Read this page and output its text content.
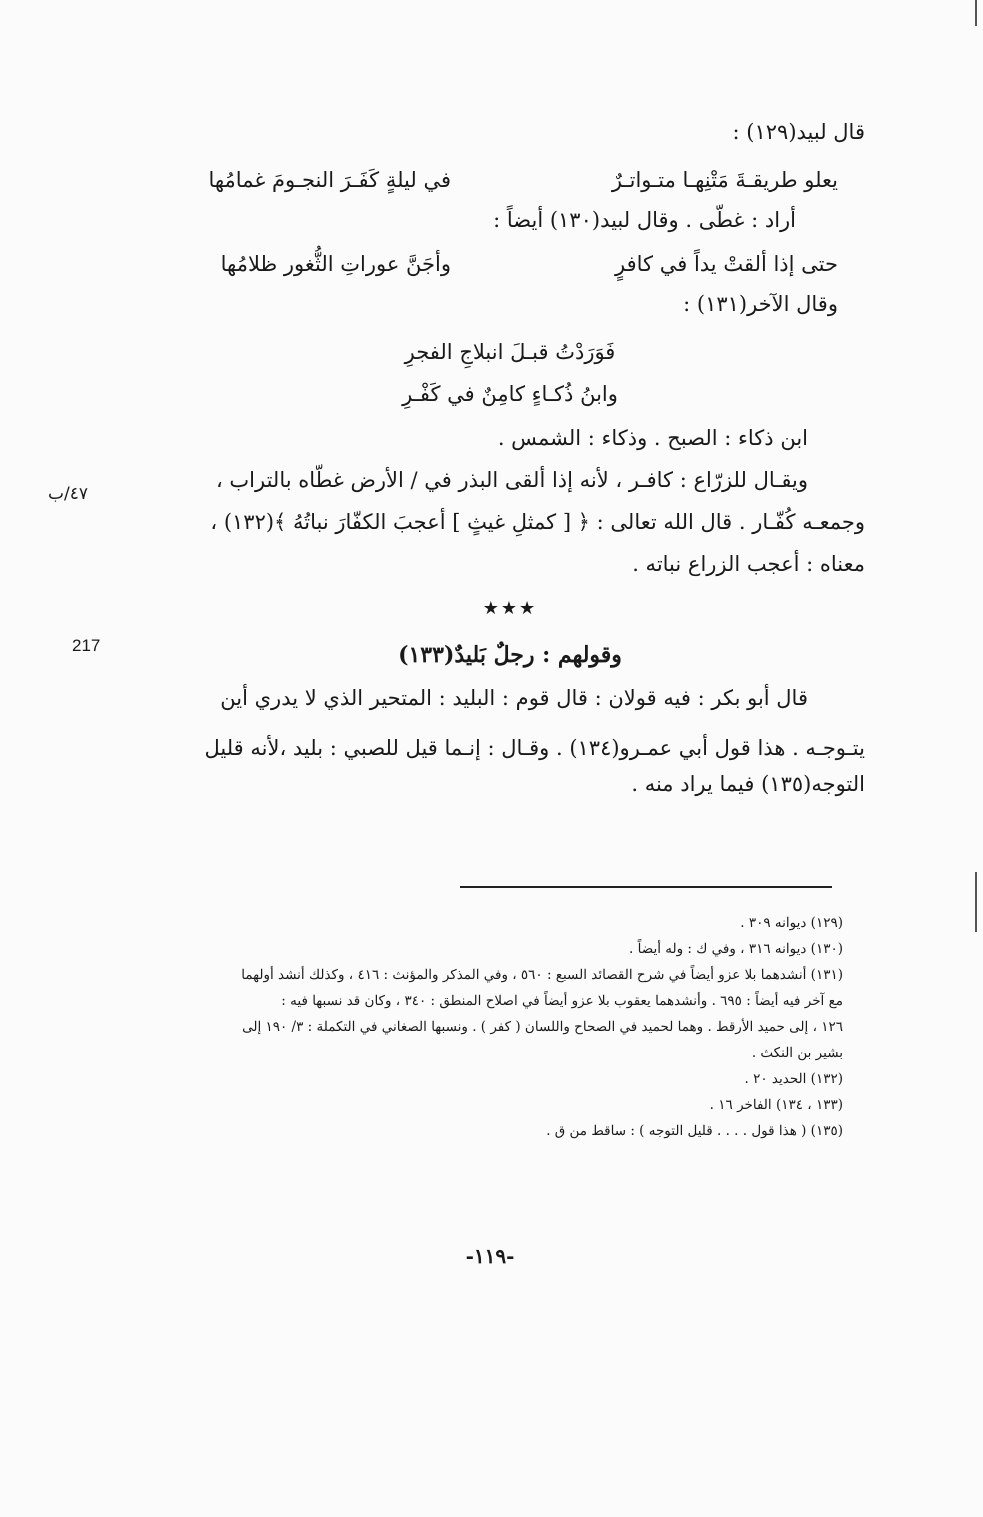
قال لبيد(١٢٩) :
يعلو طريقـةَ مَتْنِهـا متـواتـرٌ
في ليلةٍ كَفَـرَ النجـومَ غمامُها
أراد : غطّى . وقال لبيد(١٣٠) أيضاً :
حتى إذا ألقتْ يداً في كافرٍ
وأجَنَّ عوراتِ الثُّغور ظلامُها
وقال الآخر(١٣١) :
فَوَرَدْتُ قبـلَ انبلاجِ الفجرِ
وابنُ ذُكـاءٍ كامِنٌ في كَفْـرِ
ابن ذكاء : الصبح . وذكاء : الشمس .
ويقـال للزرّاع : كافـر ، لأنه إذا ألقى البذر في / الأرض غطّاه بالتراب ،
وجمعـه كُفّـار . قال الله تعالى : ﴿ [ كمثلِ غيثٍ ] أعجبَ الكفّارَ نباتُهُ ﴾(١٣٢) ،
معناه : أعجب الزراع نباته .
★★★
وقولهم : رجلٌ بَليدٌ(١٣٣)
قال أبو بكر : فيه قولان : قال قوم : البليد : المتحير الذي لا يدري أين
يتـوجـه . هذا قول أبي عمـرو(١٣٤) . وقـال : إنـما قيل للصبي : بليد ،لأنه قليل
التوجه(١٣٥) فيما يراد منه .
٤٧/ب
217
(١٢٩) ديوانه ٣٠٩ .
(١٣٠) ديوانه ٣١٦ ، وفي ك : وله أيضاً .
(١٣١) أنشدهما بلا عزو أيضاً في شرح القصائد السبع : ٥٦٠ ، وفي المذكر والمؤنث : ٤١٦ ، وكذلك أنشد أولهما
مع آخر فيه أيضاً : ٦٩٥ . وأنشدهما يعقوب بلا عزو أيضاً في اصلاح المنطق : ٣٤٠ ، وكان قد نسبها فيه :
١٢٦ ، إلى حميد الأرقط . وهما لحميد في الصحاح واللسان ( كفر ) . ونسبها الصغاني في التكملة : ٣/ ١٩٠ إلى
بشير بن النكث .
(١٣٢) الحديد ٢٠ .
(١٣٣ ، ١٣٤) الفاخر ١٦ .
(١٣٥) ( هذا قول . . . . قليل التوجه ) : ساقط من ق .
-١١٩-
